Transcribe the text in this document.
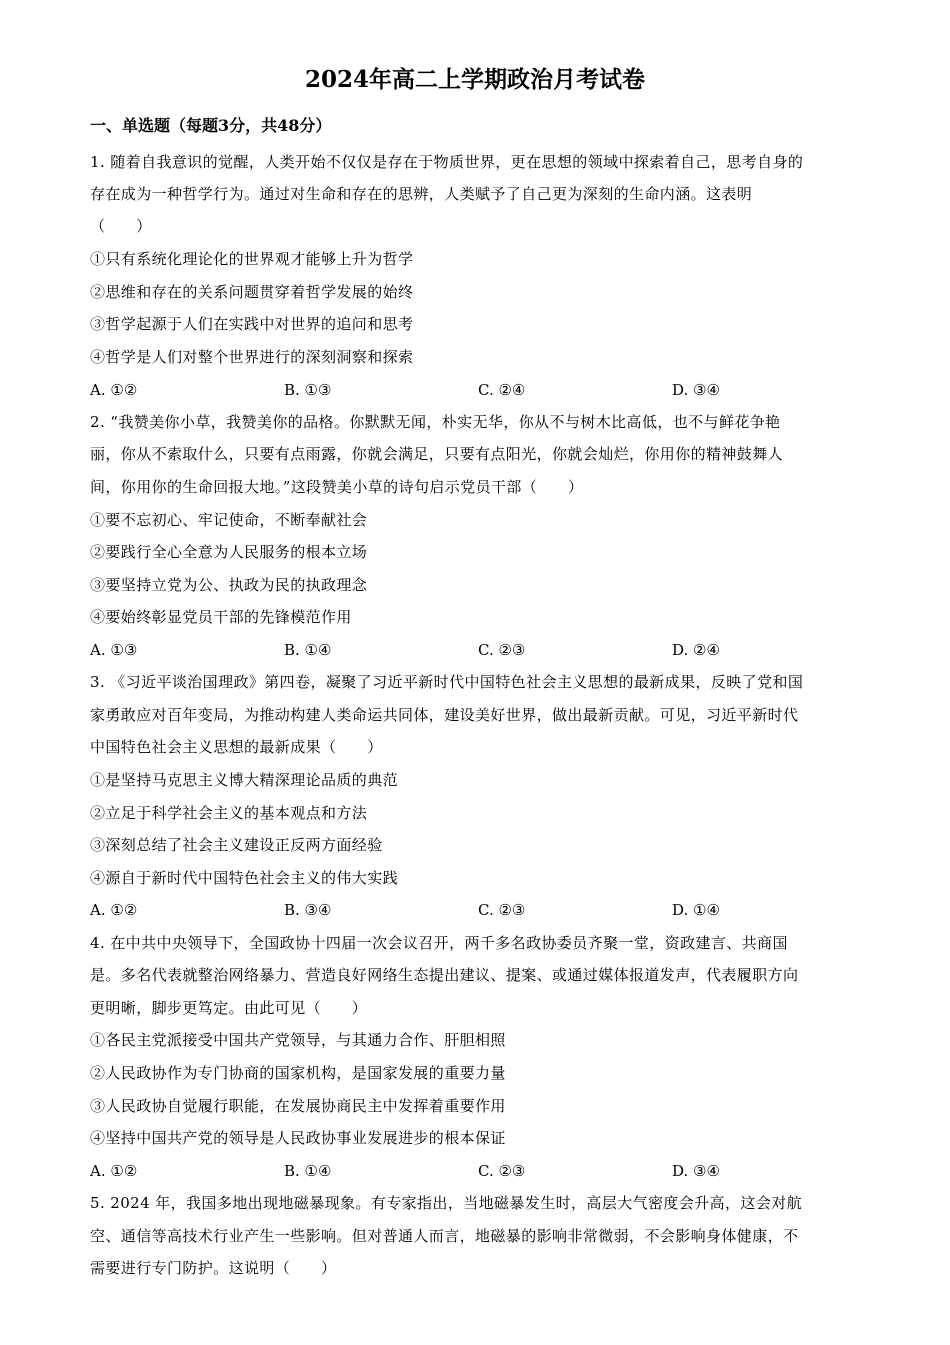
2024年高二上学期政治月考试卷
一、单选题（每题3分，共48分）
1. 随着自我意识的觉醒，人类开始不仅仅是存在于物质世界，更在思想的领域中探索着自己，思考自身的
存在成为一种哲学行为。通过对生命和存在的思辨，人类赋予了自己更为深刻的生命内涵。这表明
（　　）
①只有系统化理论化的世界观才能够上升为哲学
②思维和存在的关系问题贯穿着哲学发展的始终
③哲学起源于人们在实践中对世界的追问和思考
④哲学是人们对整个世界进行的深刻洞察和探索
A. ①②	B. ①③	C. ②④	D. ③④
2. “我赞美你小草，我赞美你的品格。你默默无闻，朴实无华，你从不与树木比高低，也不与鲜花争艳
丽，你从不索取什么，只要有点雨露，你就会满足，只要有点阳光，你就会灿烂，你用你的精神鼓舞人
间，你用你的生命回报大地。”这段赞美小草的诗句启示党员干部（　　）
①要不忘初心、牢记使命，不断奉献社会
②要践行全心全意为人民服务的根本立场
③要坚持立党为公、执政为民的执政理念
④要始终彰显党员干部的先锋模范作用
A. ①③	B. ①④	C. ②③	D. ②④
3. 《习近平谈治国理政》第四卷，凝聚了习近平新时代中国特色社会主义思想的最新成果，反映了党和国
家勇敢应对百年变局，为推动构建人类命运共同体，建设美好世界，做出最新贡献。可见，习近平新时代
中国特色社会主义思想的最新成果（　　）
①是坚持马克思主义博大精深理论品质的典范
②立足于科学社会主义的基本观点和方法
③深刻总结了社会主义建设正反两方面经验
④源自于新时代中国特色社会主义的伟大实践
A. ①②	B. ③④	C. ②③	D. ①④
4. 在中共中央领导下，全国政协十四届一次会议召开，两千多名政协委员齐聚一堂，资政建言、共商国
是。多名代表就整治网络暴力、营造良好网络生态提出建议、提案、或通过媒体报道发声，代表履职方向
更明晰，脚步更笃定。由此可见（　　）
①各民主党派接受中国共产党领导，与其通力合作、肝胆相照
②人民政协作为专门协商的国家机构，是国家发展的重要力量
③人民政协自觉履行职能，在发展协商民主中发挥着重要作用
④坚持中国共产党的领导是人民政协事业发展进步的根本保证
A. ①②	B. ①④	C. ②③	D. ③④
5. 2024 年，我国多地出现地磁暴现象。有专家指出，当地磁暴发生时，高层大气密度会升高，这会对航
空、通信等高技术行业产生一些影响。但对普通人而言，地磁暴的影响非常微弱，不会影响身体健康，不
需要进行专门防护。这说明（　　）
